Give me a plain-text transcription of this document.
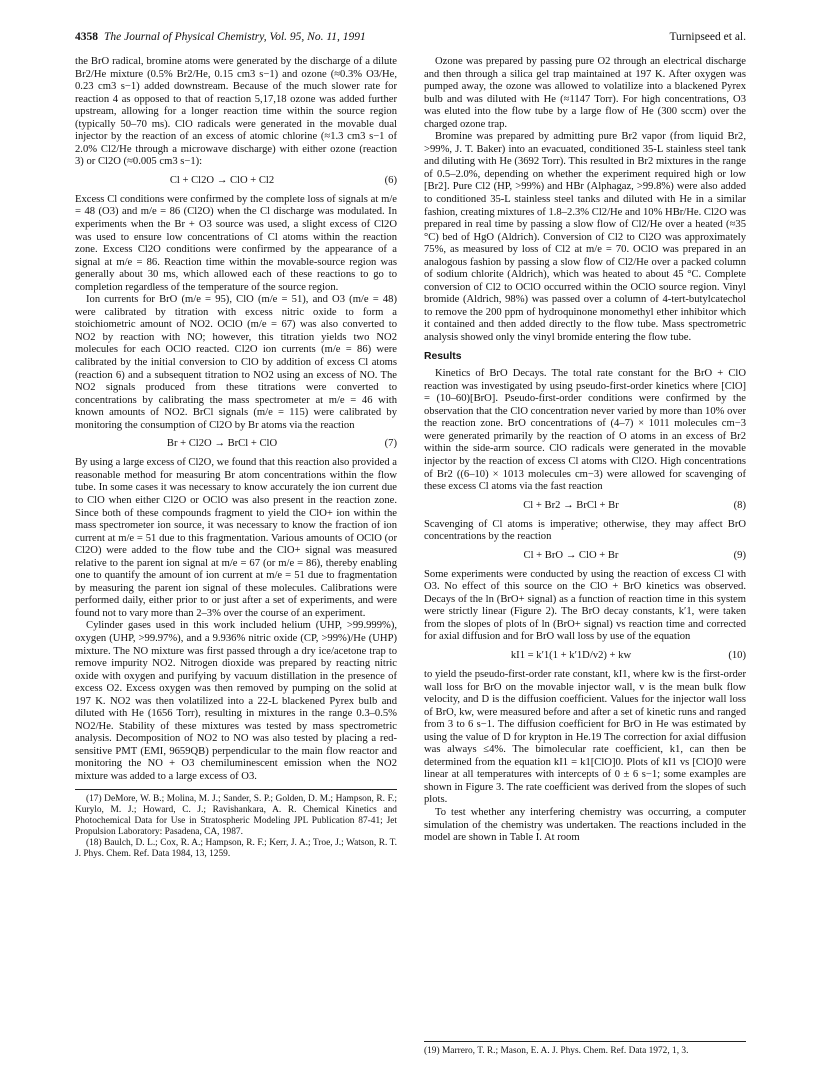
4358 The Journal of Physical Chemistry, Vol. 95, No. 11, 1991	Turnipseed et al.

the BrO radical, bromine atoms were generated by the discharge of a dilute Br2/He mixture (0.5% Br2/He, 0.15 cm3 s−1) and ozone (≈0.3% O3/He, 0.23 cm3 s−1) added downstream. Because of the much slower rate for reaction 4 as opposed to that of reaction 5,17,18 ozone was added further upstream, allowing for a longer reaction time within the source region (typically 50–70 ms). ClO radicals were generated in the movable dual injector by the reaction of an excess of atomic chlorine (≈1.3 cm3 s−1 of 2.0% Cl2/He through a microwave discharge) with either ozone (reaction 3) or Cl2O (≈0.005 cm3 s−1):

Cl + Cl2O → ClO + Cl2	(6)

Excess Cl conditions were confirmed by the complete loss of signals at m/e = 48 (O3) and m/e = 86 (Cl2O) when the Cl discharge was modulated. In experiments when the Br + O3 source was used, a slight excess of Cl2O was used to ensure low concentrations of Cl atoms within the reaction zone. Excess Cl2O conditions were confirmed by the appearance of a signal at m/e = 86. Reaction time within the movable-source region was generally about 30 ms, which allowed each of these reactions to go to completion regardless of the temperature of the source region.

Ion currents for BrO (m/e = 95), ClO (m/e = 51), and O3 (m/e = 48) were calibrated by titration with excess nitric oxide to form a stoichiometric amount of NO2. OClO (m/e = 67) was also converted to NO2 by reaction with NO; however, this titration yields two NO2 molecules for each OClO reacted. Cl2O ion currents (m/e = 86) were calibrated by the initial conversion to ClO by addition of excess Cl atoms (reaction 6) and a subsequent titration to NO2 using an excess of NO. The NO2 signals produced from these titrations were converted to concentrations by calibrating the mass spectrometer at m/e = 46 with known amounts of NO2. BrCl signals (m/e = 115) were calibrated by monitoring the consumption of Cl2O by Br atoms via the reaction

Br + Cl2O → BrCl + ClO	(7)

By using a large excess of Cl2O, we found that this reaction also provided a reasonable method for measuring Br atom concentrations within the flow tube. In some cases it was necessary to know accurately the ion current due to ClO when either Cl2O or OClO was also present in the reaction zone. Since both of these compounds fragment to yield the ClO+ ion within the mass spectrometer ion source, it was necessary to know the fraction of ion current at m/e = 51 due to this fragmentation. Various amounts of OClO (or Cl2O) were added to the flow tube and the ClO+ signal was measured relative to the parent ion signal at m/e = 67 (or m/e = 86), thereby enabling one to quantify the amount of ion current at m/e = 51 due to fragmentation by measuring the parent ion signal of these molecules. Calibrations were performed daily, either prior to or just after a set of experiments, and were found not to vary more than 2–3% over the course of an experiment.

Cylinder gases used in this work included helium (UHP, >99.999%), oxygen (UHP, >99.97%), and a 9.936% nitric oxide (CP, >99%)/He (UHP) mixture. The NO mixture was first passed through a dry ice/acetone trap to remove impurity NO2. Nitrogen dioxide was prepared by reacting nitric oxide with oxygen and purifying by vacuum distillation in the presence of excess O2. Excess oxygen was then removed by pumping on the solid at 197 K. NO2 was then volatilized into a 22-L blackened Pyrex bulb and diluted with He (1656 Torr), resulting in mixtures in the range 0.3–0.5% NO2/He. Stability of these mixtures was tested by mass spectrometric analysis. Decomposition of NO2 to NO was also tested by placing a red-sensitive PMT (EMI, 9659QB) perpendicular to the main flow reactor and monitoring the NO + O3 chemiluminescent emission when the NO2 mixture was added to a large excess of O3.

(17) DeMore, W. B.; Molina, M. J.; Sander, S. P.; Golden, D. M.; Hampson, R. F.; Kurylo, M. J.; Howard, C. J.; Ravishankara, A. R. Chemical Kinetics and Photochemical Data for Use in Stratospheric Modeling JPL Publication 87-41; Jet Propulsion Laboratory: Pasadena, CA, 1987.

(18) Baulch, D. L.; Cox, R. A.; Hampson, R. F.; Kerr, J. A.; Troe, J.; Watson, R. T. J. Phys. Chem. Ref. Data 1984, 13, 1259.

Ozone was prepared by passing pure O2 through an electrical discharge and then through a silica gel trap maintained at 197 K. After oxygen was pumped away, the ozone was allowed to volatilize into a blackened Pyrex bulb and was diluted with He (≈1147 Torr). For high concentrations, O3 was eluted into the flow tube by a large flow of He (300 sccm) over the charged ozone trap.

Bromine was prepared by admitting pure Br2 vapor (from liquid Br2, >99%, J. T. Baker) into an evacuated, conditioned 35-L stainless steel tank and diluting with He (3692 Torr). This resulted in Br2 mixtures in the range of 0.5–2.0%, depending on whether the experiment required high or low [Br2]. Pure Cl2 (HP, >99%) and HBr (Alphagaz, >99.8%) were also added to conditioned 35-L stainless steel tanks and diluted with He in a similar fashion, creating mixtures of 1.8–2.3% Cl2/He and 10% HBr/He. Cl2O was prepared in real time by passing a slow flow of Cl2/He over a heated (≈35 °C) bed of HgO (Aldrich). Conversion of Cl2 to Cl2O was approximately 75%, as measured by loss of Cl2 at m/e = 70. OClO was prepared in an analogous fashion by passing a slow flow of Cl2/He over a packed column of sodium chlorite (Aldrich), which was heated to about 45 °C. Complete conversion of Cl2 to OClO occurred within the OClO source region. Vinyl bromide (Aldrich, 98%) was passed over a column of 4-tert-butylcatechol to remove the 200 ppm of hydroquinone monomethyl ether inhibitor which it contained and then added directly to the flow tube. Mass spectrometric analysis showed only the vinyl bromide entering the flow tube.

Results

Kinetics of BrO Decays. The total rate constant for the BrO + ClO reaction was investigated by using pseudo-first-order kinetics where [ClO] = (10–60)[BrO]. Pseudo-first-order conditions were confirmed by the observation that the ClO concentration never varied by more than 10% over the reaction zone. BrO concentrations of (4–7) × 1011 molecules cm−3 were generated primarily by the reaction of O atoms in an excess of Br2 within the side-arm source. ClO radicals were generated in the movable injector by the reaction of excess Cl atoms with Cl2O. High concentrations of Br2 ((6–10) × 1013 molecules cm−3) were allowed for scavenging of these excess Cl atoms via the fast reaction

Cl + Br2 → BrCl + Br	(8)

Scavenging of Cl atoms is imperative; otherwise, they may affect BrO concentrations by the reaction

Cl + BrO → ClO + Br	(9)

Some experiments were conducted by using the reaction of excess Cl with O3. No effect of this source on the ClO + BrO kinetics was observed. Decays of the ln (BrO+ signal) as a function of reaction time in this system were strictly linear (Figure 2). The BrO decay constants, k′1, were taken from the slopes of plots of ln (BrO+ signal) vs reaction time and corrected for axial diffusion and for BrO wall loss by use of the equation

kI1 = k′1(1 + k′1D/v2) + kw	(10)

to yield the pseudo-first-order rate constant, kI1, where kw is the first-order wall loss for BrO on the movable injector wall, v is the mean bulk flow velocity, and D is the diffusion coefficient. Values for the injector wall loss of BrO, kw, were measured before and after a set of kinetic runs and ranged from 3 to 6 s−1. The diffusion coefficient for BrO in He was estimated by using the value of D for krypton in He.19 The correction for axial diffusion was always ≤4%. The bimolecular rate coefficient, k1, can then be determined from the equation kI1 = k1[ClO]0. Plots of kI1 vs [ClO]0 were linear at all temperatures with intercepts of 0 ± 6 s−1; some examples are shown in Figure 3. The rate coefficient was derived from the slopes of such plots.

To test whether any interfering chemistry was occurring, a computer simulation of the chemistry was undertaken. The reactions included in the model are shown in Table I. At room

(19) Marrero, T. R.; Mason, E. A. J. Phys. Chem. Ref. Data 1972, 1, 3.
